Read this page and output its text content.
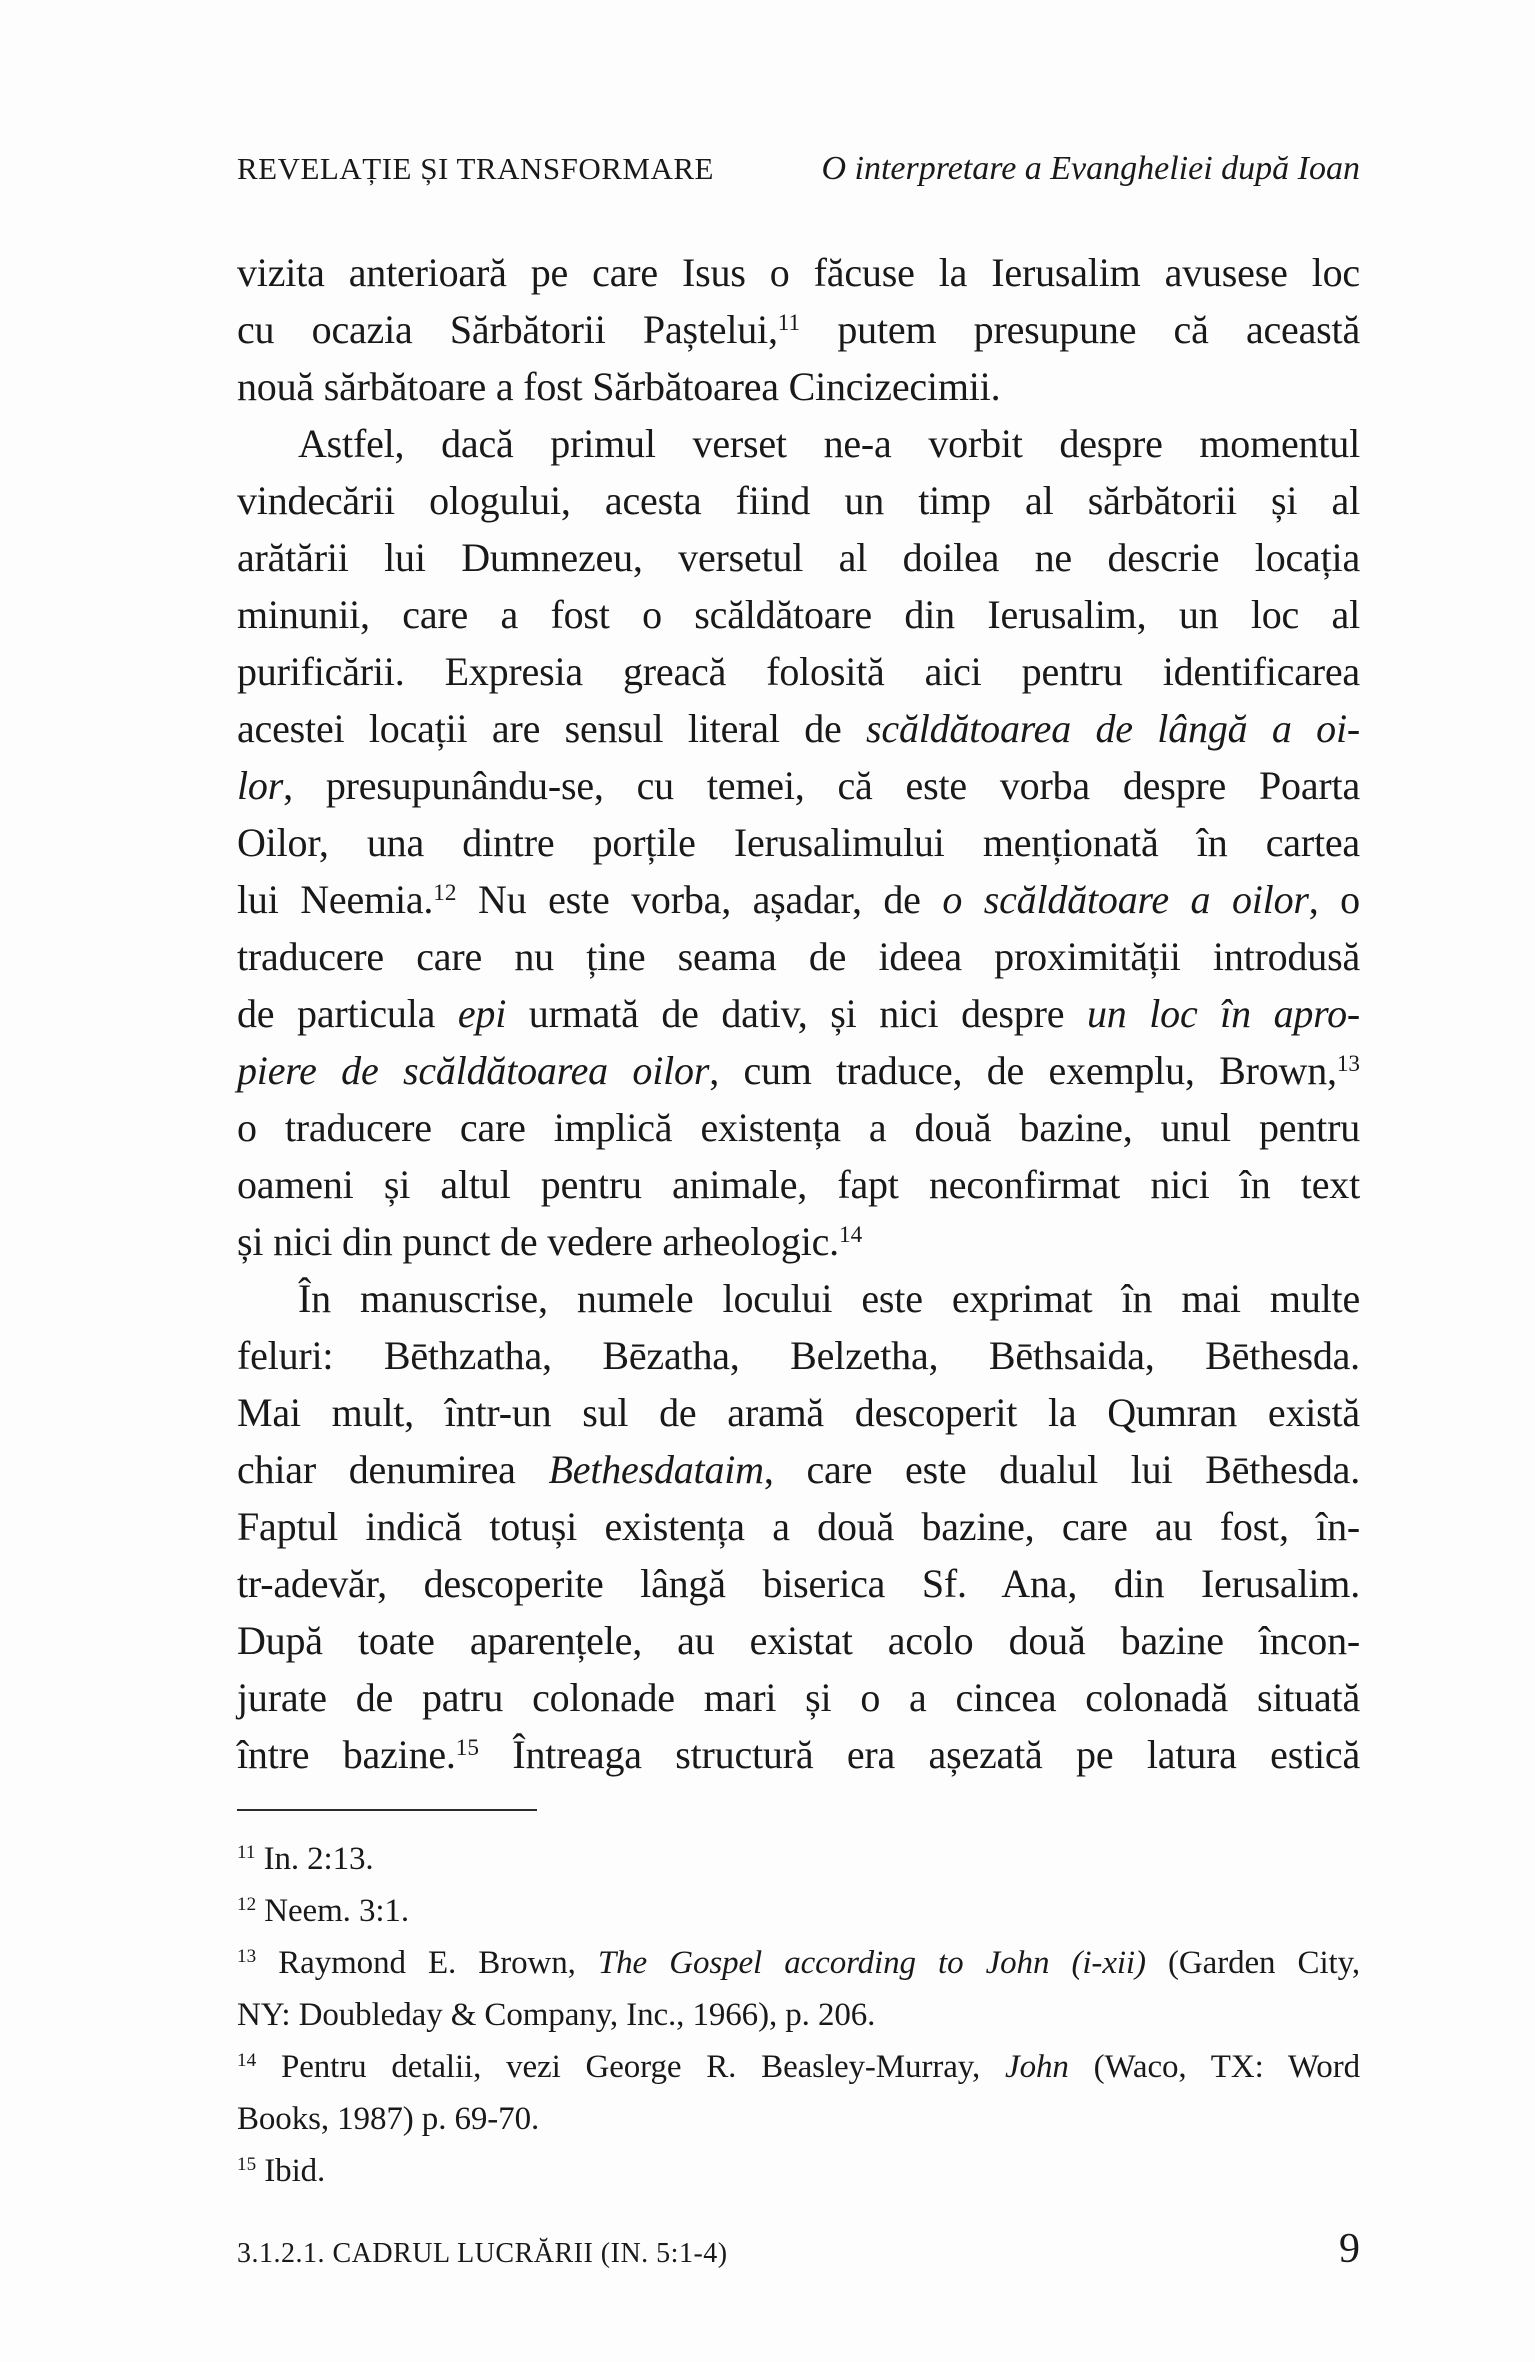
REVELAȚIE ȘI TRANSFORMARE	O interpretare a Evangheliei după Ioan
vizita anterioară pe care Isus o făcuse la Ierusalim avusese loc
cu ocazia Sărbătorii Paștelui,$^{11}$ putem presupune că această
nouă sărbătoare a fost Sărbătoarea Cincizecimii.
Astfel, dacă primul verset ne-a vorbit despre momentul
vindecării ologului, acesta fiind un timp al sărbătorii și al
arătării lui Dumnezeu, versetul al doilea ne descrie locația
minunii, care a fost o scăldătoare din Ierusalim, un loc al
purificării. Expresia greacă folosită aici pentru identificarea
acestei locații are sensul literal de scăldătoarea de lângă a oi-
lor, presupunându-se, cu temei, că este vorba despre Poarta
Oilor, una dintre porțile Ierusalimului menționată în cartea
lui Neemia.$^{12}$ Nu este vorba, așadar, de o scăldătoare a oilor, o
traducere care nu ține seama de ideea proximității introdusă
de particula epi urmată de dativ, și nici despre un loc în apro-
piere de scăldătoarea oilor, cum traduce, de exemplu, Brown,$^{13}$
o traducere care implică existența a două bazine, unul pentru
oameni și altul pentru animale, fapt neconfirmat nici în text
și nici din punct de vedere arheologic.$^{14}$
În manuscrise, numele locului este exprimat în mai multe
feluri: Bēthzatha, Bēzatha, Belzetha, Bēthsaida, Bēthesda.
Mai mult, într-un sul de aramă descoperit la Qumran există
chiar denumirea Bethesdataim, care este dualul lui Bēthesda.
Faptul indică totuși existența a două bazine, care au fost, în-
tr-adevăr, descoperite lângă biserica Sf. Ana, din Ierusalim.
După toate aparențele, au existat acolo două bazine încon-
jurate de patru colonade mari și o a cincea colonadă situată
între bazine.$^{15}$ Întreaga structură era așezată pe latura estică
$^{11}$ In. 2:13.
$^{12}$ Neem. 3:1.
$^{13}$ Raymond E. Brown, The Gospel according to John (i-xii) (Garden City,
NY: Doubleday & Company, Inc., 1966), p. 206.
$^{14}$ Pentru detalii, vezi George R. Beasley-Murray, John (Waco, TX: Word
Books, 1987) p. 69-70.
$^{15}$ Ibid.
3.1.2.1. CADRUL LUCRĂRII (IN. 5:1-4)	9
